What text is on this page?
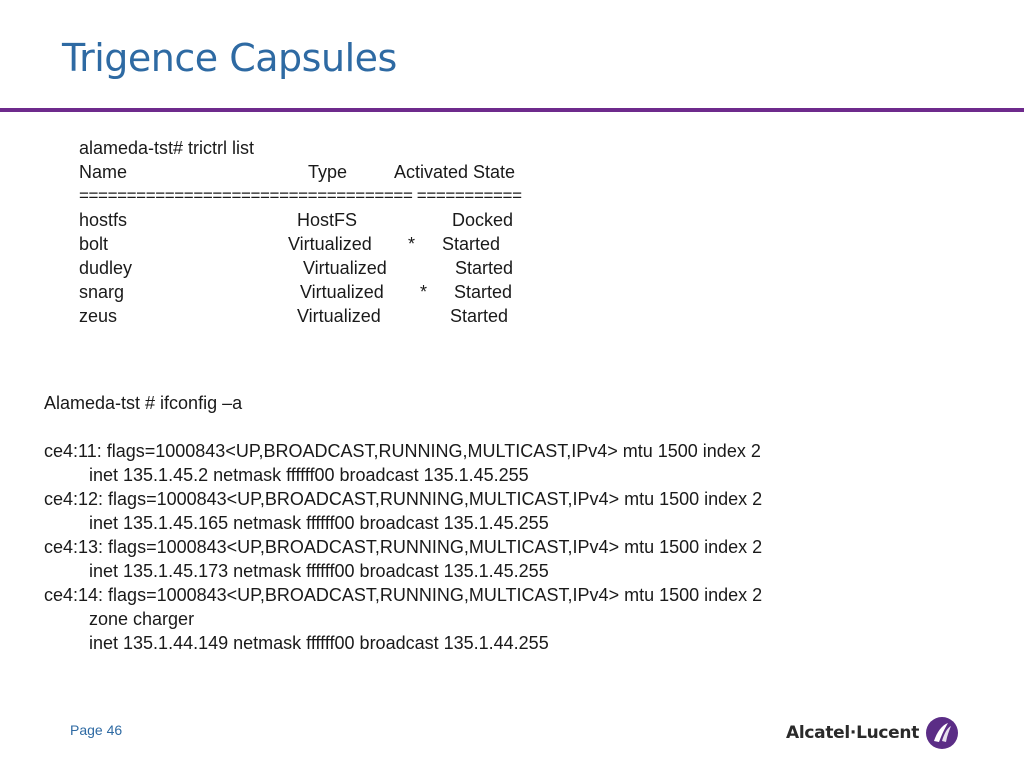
Trigence Capsules
alameda-tst# trictrl list
Name	Type	Activated State
=================================== ===========
hostfs	HostFS	Docked
bolt	Virtualized * Started
dudley	Virtualized	Started
snarg	Virtualized * Started
zeus	Virtualized	Started
Alameda-tst # ifconfig –a
ce4:11: flags=1000843<UP,BROADCAST,RUNNING,MULTICAST,IPv4> mtu 1500 index 2
inet 135.1.45.2 netmask ffffff00 broadcast 135.1.45.255
ce4:12: flags=1000843<UP,BROADCAST,RUNNING,MULTICAST,IPv4> mtu 1500 index 2
inet 135.1.45.165 netmask ffffff00 broadcast 135.1.45.255
ce4:13: flags=1000843<UP,BROADCAST,RUNNING,MULTICAST,IPv4> mtu 1500 index 2
inet 135.1.45.173 netmask ffffff00 broadcast 135.1.45.255
ce4:14: flags=1000843<UP,BROADCAST,RUNNING,MULTICAST,IPv4> mtu 1500 index 2
zone charger
inet 135.1.44.149 netmask ffffff00 broadcast 135.1.44.255
Page 46	Alcatel·Lucent
